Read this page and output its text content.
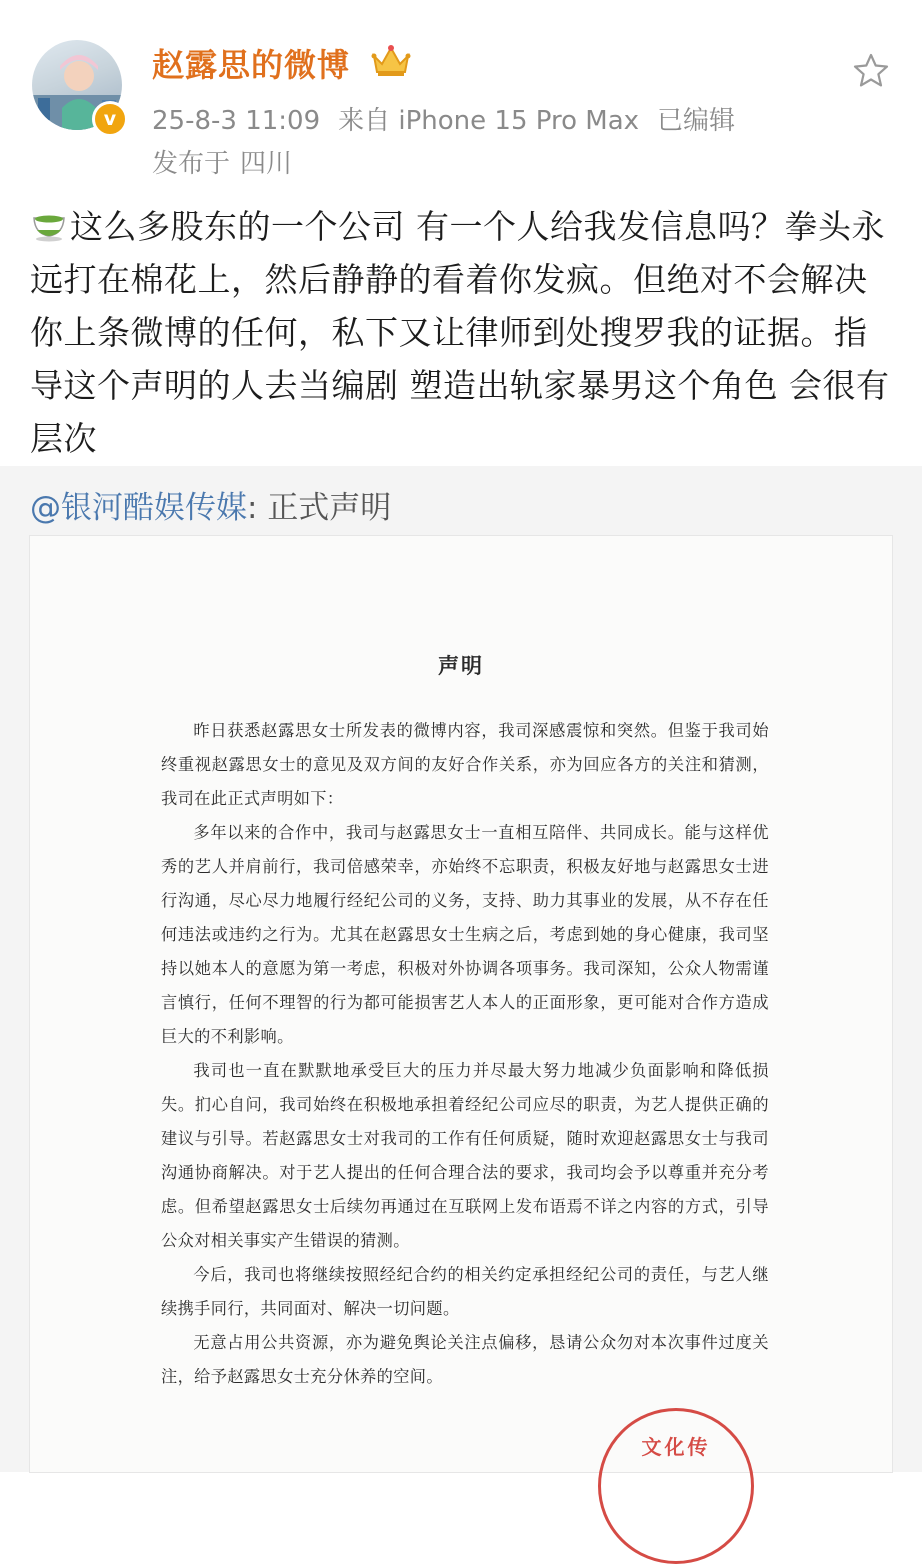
v
赵露思的微博
25-8-3 11:09 来自 iPhone 15 Pro Max 已编辑
发布于 四川
这么多股东的一个公司 有一个人给我发信息吗？拳头永远打在棉花上，然后静静的看着你发疯。但绝对不会解决你上条微博的任何，私下又让律师到处搜罗我的证据。指导这个声明的人去当编剧 塑造出轨家暴男这个角色 会很有层次
@银河酷娱传媒: 正式声明
声明

昨日获悉赵露思女士所发表的微博内容，我司深感震惊和突然。但鉴于我司始终重视赵露思女士的意见及双方间的友好合作关系，亦为回应各方的关注和猜测，我司在此正式声明如下：

多年以来的合作中，我司与赵露思女士一直相互陪伴、共同成长。能与这样优秀的艺人并肩前行，我司倍感荣幸，亦始终不忘职责，积极友好地与赵露思女士进行沟通，尽心尽力地履行经纪公司的义务，支持、助力其事业的发展，从不存在任何违法或违约之行为。尤其在赵露思女士生病之后，考虑到她的身心健康，我司坚持以她本人的意愿为第一考虑，积极对外协调各项事务。我司深知，公众人物需谨言慎行，任何不理智的行为都可能损害艺人本人的正面形象，更可能对合作方造成巨大的不利影响。

我司也一直在默默地承受巨大的压力并尽最大努力地减少负面影响和降低损失。扪心自问，我司始终在积极地承担着经纪公司应尽的职责，为艺人提供正确的建议与引导。若赵露思女士对我司的工作有任何质疑，随时欢迎赵露思女士与我司沟通协商解决。对于艺人提出的任何合理合法的要求，我司均会予以尊重并充分考虑。但希望赵露思女士后续勿再通过在互联网上发布语焉不详之内容的方式，引导公众对相关事实产生错误的猜测。

今后，我司也将继续按照经纪合约的相关约定承担经纪公司的责任，与艺人继续携手同行，共同面对、解决一切问题。

无意占用公共资源，亦为避免舆论关注点偏移，恳请公众勿对本次事件过度关注，给予赵露思女士充分休养的空间。

文化传
